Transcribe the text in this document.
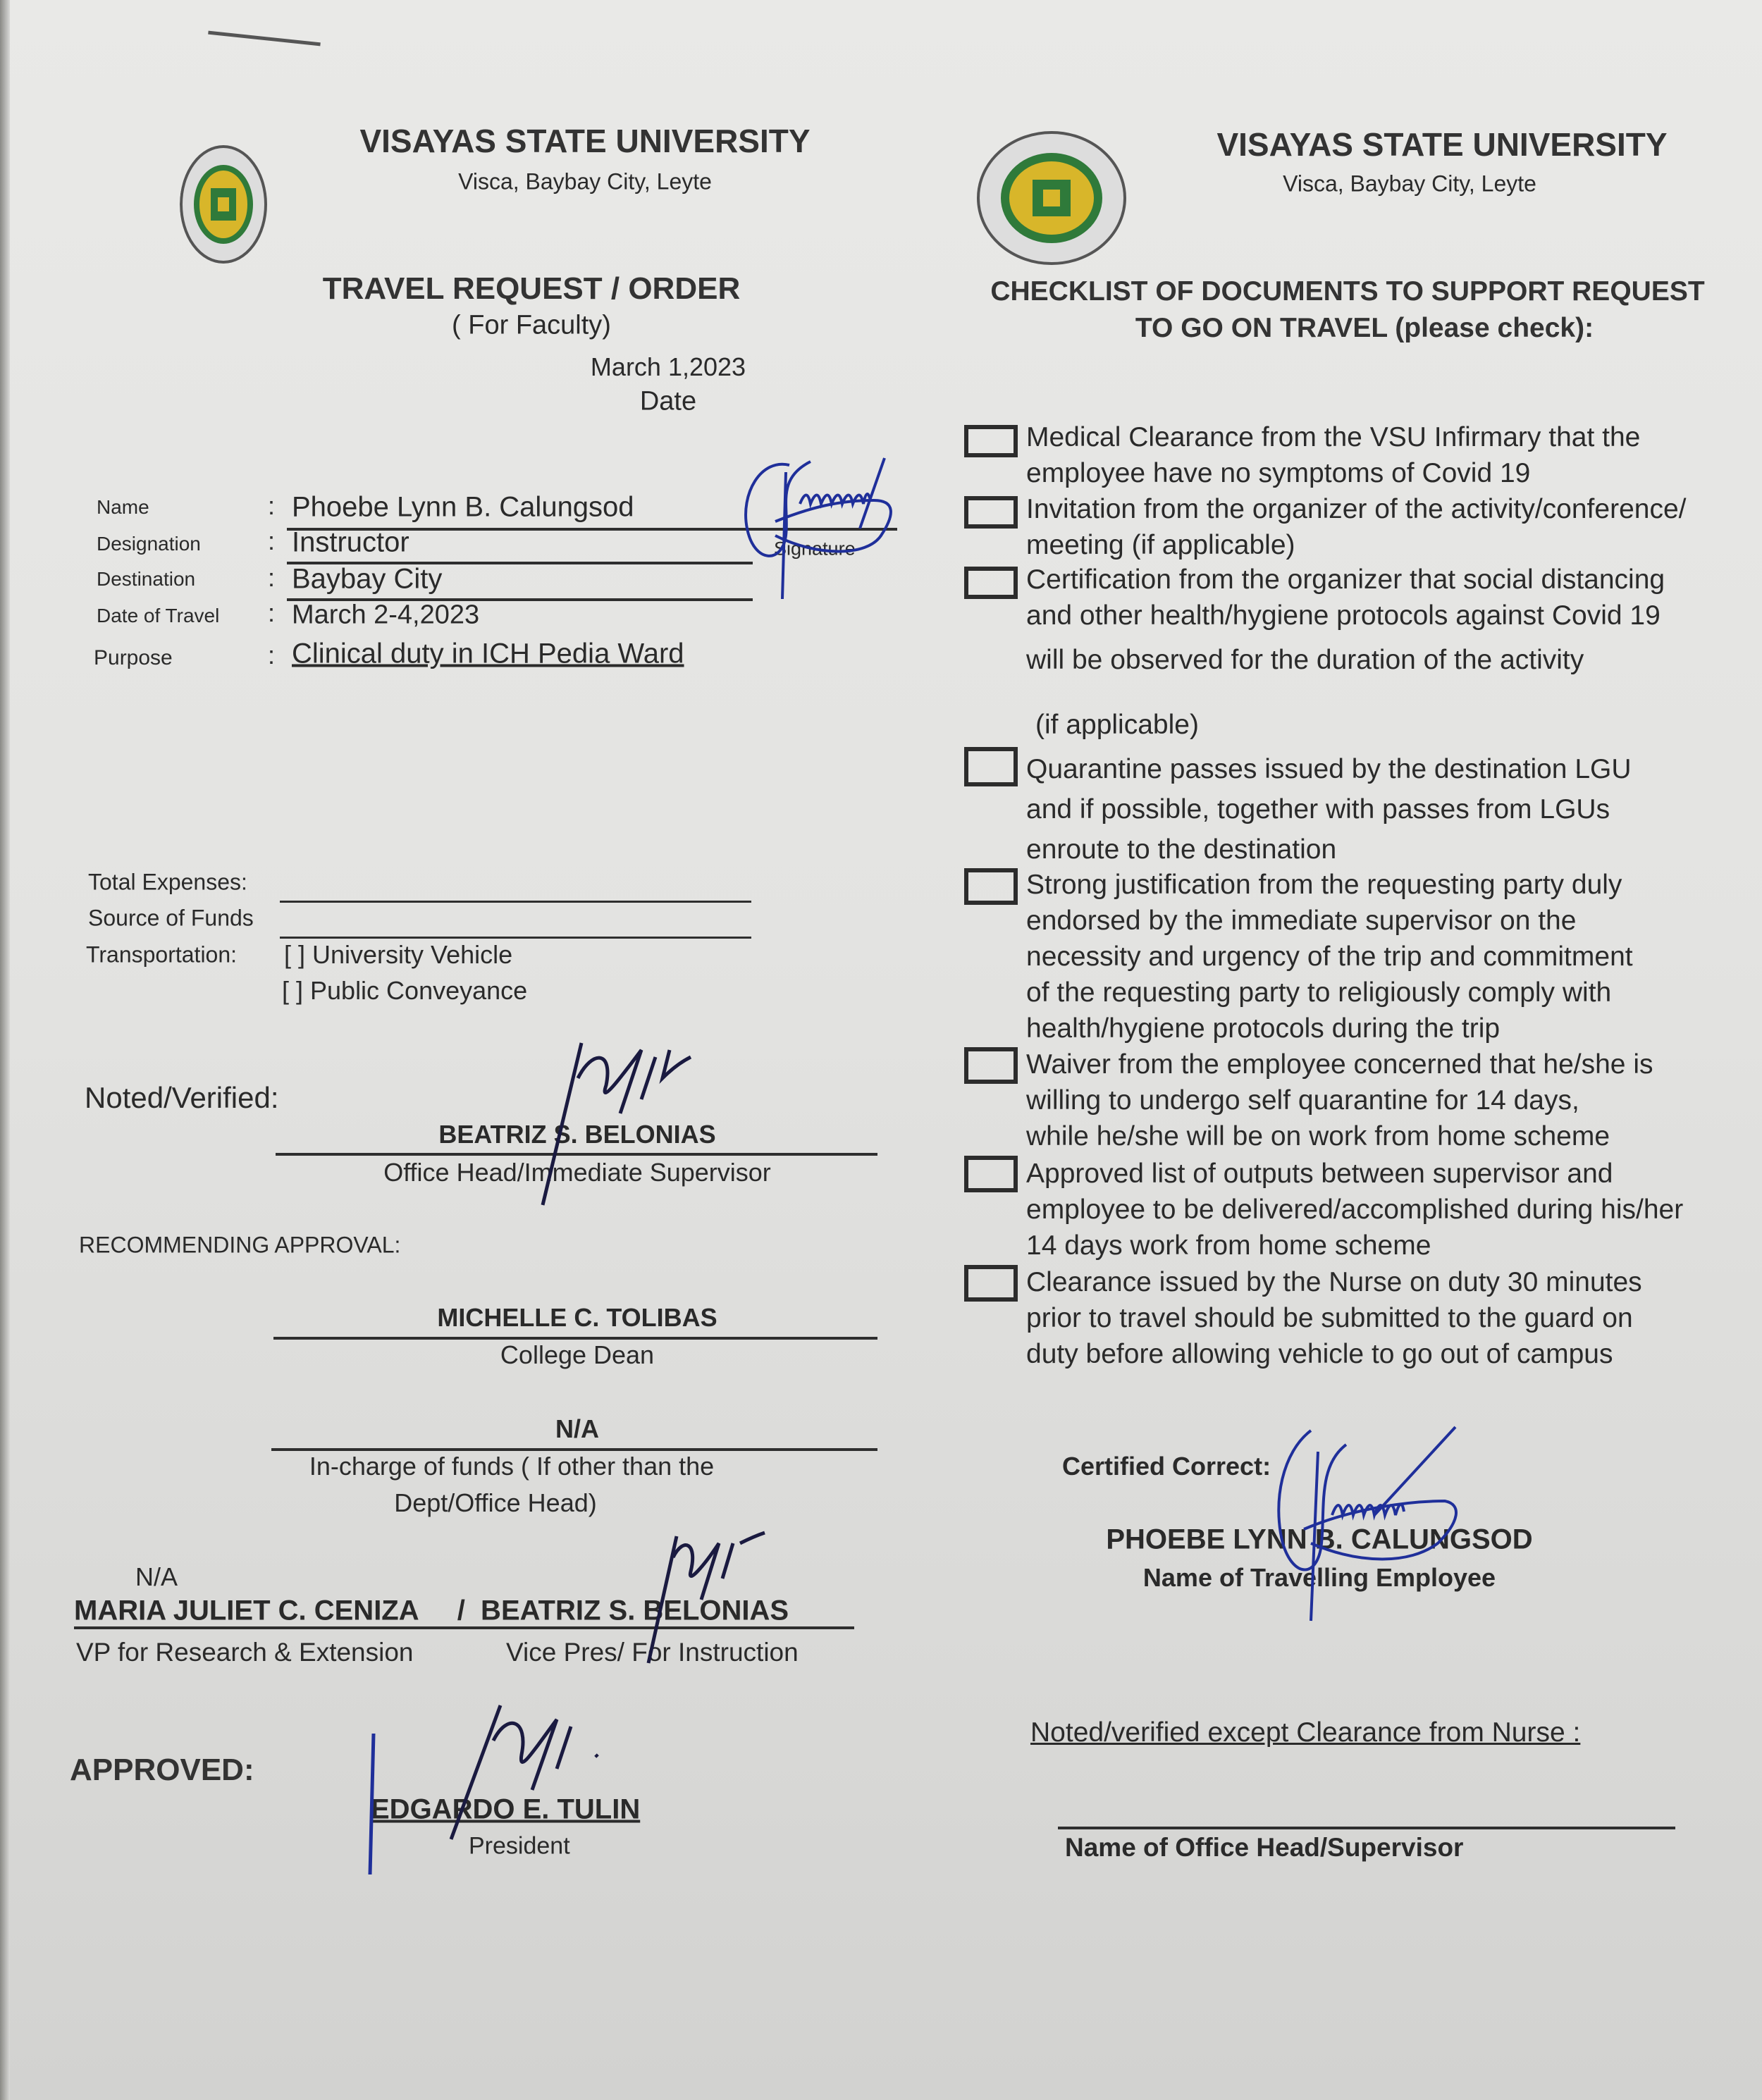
VISAYAS STATE UNIVERSITY
Visca, Baybay City, Leyte
TRAVEL REQUEST / ORDER
( For Faculty)
March 1,2023
Date
Name	: Phoebe Lynn B. Calungsod
Designation	: Instructor
Destination	: Baybay City
Date of Travel : March 2-4,2023
Purpose	: Clinical duty in ICH Pedia Ward
Signature
Total Expenses:
Source of Funds
Transportation: [ ] University Vehicle
[ ] Public Conveyance
Noted/Verified:
BEATRIZ S. BELONIAS
Office Head/Immediate Supervisor
RECOMMENDING APPROVAL:
MICHELLE C. TOLIBAS
College Dean
N/A
In-charge of funds ( If other than the
Dept/Office Head)
N/A
MARIA JULIET C. CENIZA     /  BEATRIZ S. BELONIAS
VP for Research & Extension	Vice Pres/ For Instruction
APPROVED:
EDGARDO E. TULIN
President
VISAYAS STATE UNIVERSITY
Visca, Baybay City, Leyte
CHECKLIST OF DOCUMENTS TO SUPPORT REQUEST
TO GO ON TRAVEL (please check):
Medical Clearance from the VSU Infirmary that the
employee have no symptoms of Covid 19
Invitation from the organizer of the activity/conference/
meeting (if applicable)
Certification from the organizer that social distancing
and other health/hygiene protocols against Covid 19
will be observed for the duration of the activity
(if applicable)
Quarantine passes issued by the destination LGU
and if possible, together with passes from LGUs
enroute to the destination
Strong justification from the requesting party duly
endorsed by the immediate supervisor on the
necessity and urgency of the trip and commitment
of the requesting party to religiously comply with
health/hygiene protocols during the trip
Waiver from the employee concerned that he/she is
willing to undergo self quarantine for 14 days,
while he/she will be on work from home scheme
Approved list of outputs between supervisor and
employee to be delivered/accomplished during his/her
14 days work from home scheme
Clearance issued by the Nurse on duty 30 minutes
prior to travel should be submitted to the guard on
duty before allowing vehicle to go out of campus
Certified Correct:
PHOEBE LYNN B. CALUNGSOD
Name of Travelling Employee
Noted/verified except Clearance from Nurse :
Name of Office Head/Supervisor
